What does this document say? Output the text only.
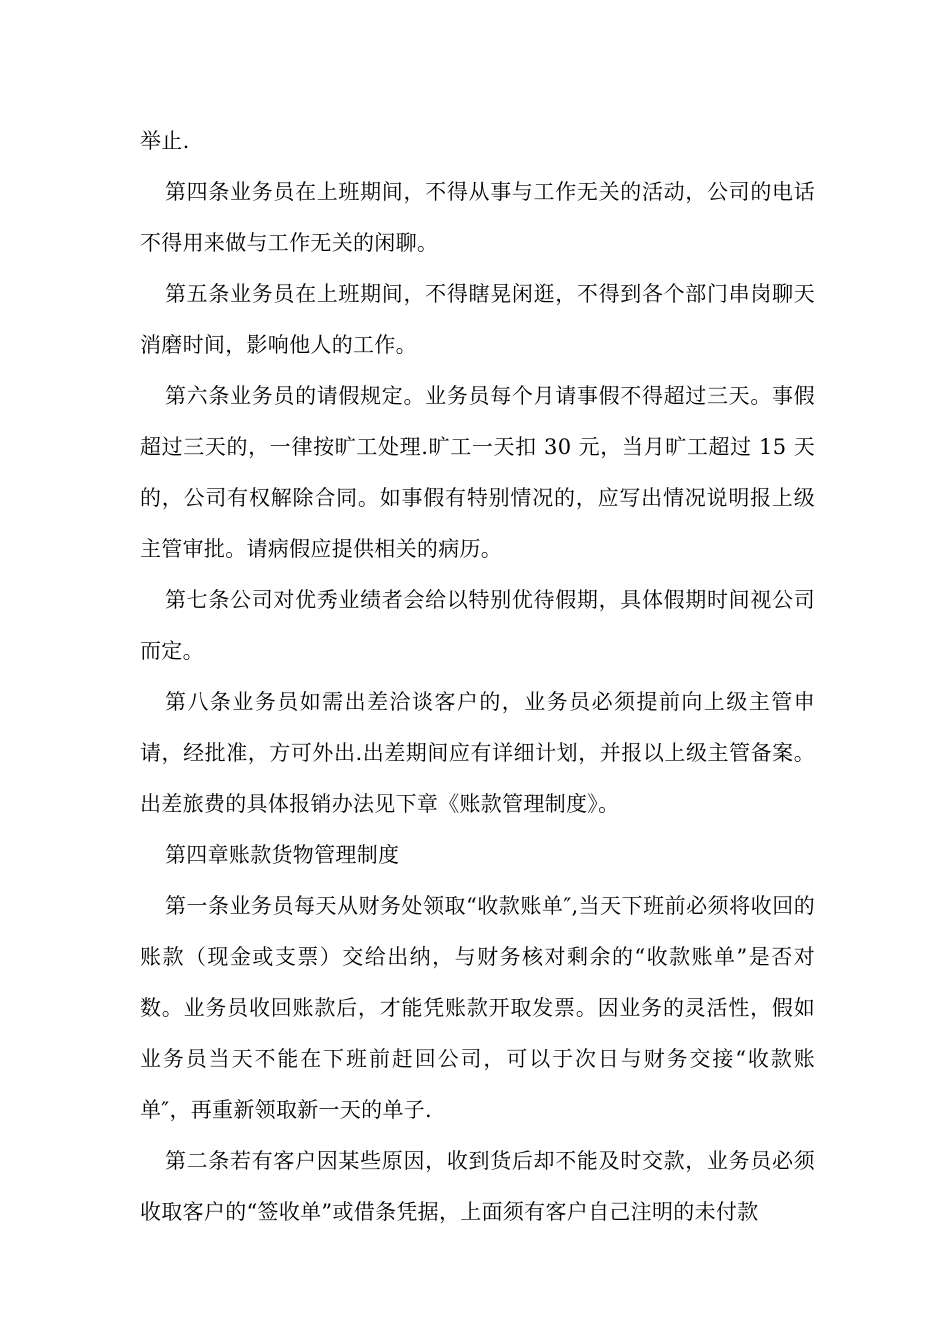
举止.

第四条业务员在上班期间，不得从事与工作无关的活动，公司的电话不得用来做与工作无关的闲聊。

第五条业务员在上班期间，不得瞎晃闲逛，不得到各个部门串岗聊天消磨时间，影响他人的工作。

第六条业务员的请假规定。业务员每个月请事假不得超过三天。事假超过三天的，一律按旷工处理.旷工一天扣 30 元，当月旷工超过 15 天的，公司有权解除合同。如事假有特别情况的，应写出情况说明报上级主管审批。请病假应提供相关的病历。

第七条公司对优秀业绩者会给以特别优待假期，具体假期时间视公司而定。

第八条业务员如需出差洽谈客户的，业务员必须提前向上级主管申请，经批准，方可外出.出差期间应有详细计划，并报以上级主管备案。出差旅费的具体报销办法见下章《账款管理制度》。

第四章账款货物管理制度

第一条业务员每天从财务处领取“收款账单″,当天下班前必须将收回的账款（现金或支票）交给出纳，与财务核对剩余的“收款账单”是否对数。业务员收回账款后，才能凭账款开取发票。因业务的灵活性，假如业务员当天不能在下班前赶回公司，可以于次日与财务交接“收款账单″，再重新领取新一天的单子.

第二条若有客户因某些原因，收到货后却不能及时交款，业务员必须收取客户的“签收单”或借条凭据，上面须有客户自己注明的未付款
